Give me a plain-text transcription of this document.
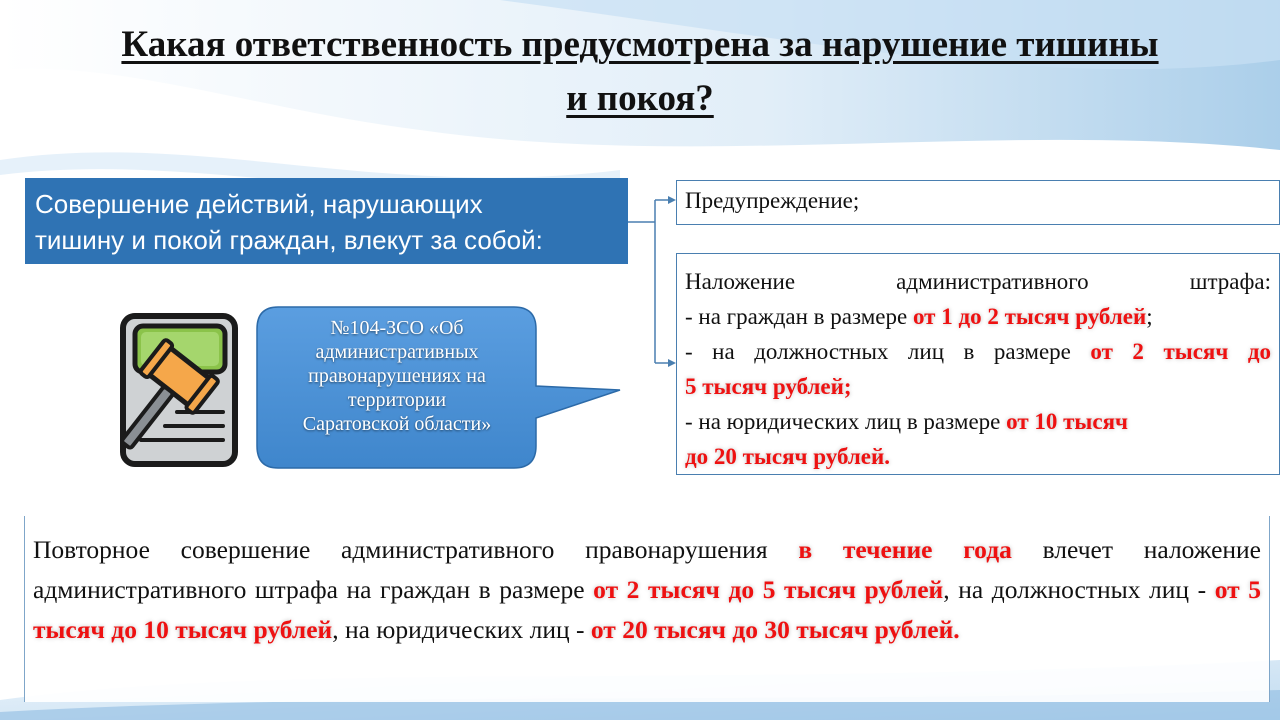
Какая ответственность предусмотрена за нарушение тишины
и покоя?
Совершение действий, нарушающих
тишину и покой граждан, влекут за собой:
Предупреждение;
Наложение административного штрафа:
- на граждан в размере от 1 до 2 тысяч рублей;
- на должностных лиц в размере от 2 тысяч до
5 тысяч рублей;
- на юридических лиц в размере от 10 тысяч
до 20 тысяч рублей.
№104-ЗСО «Об
административных
правонарушениях на
территории
Саратовской области»
Повторное совершение административного правонарушения в течение года влечет наложение административного штрафа на граждан в размере от 2 тысяч до 5 тысяч рублей, на должностных лиц - от 5 тысяч до 10 тысяч рублей, на юридических лиц - от 20 тысяч до 30 тысяч рублей.
